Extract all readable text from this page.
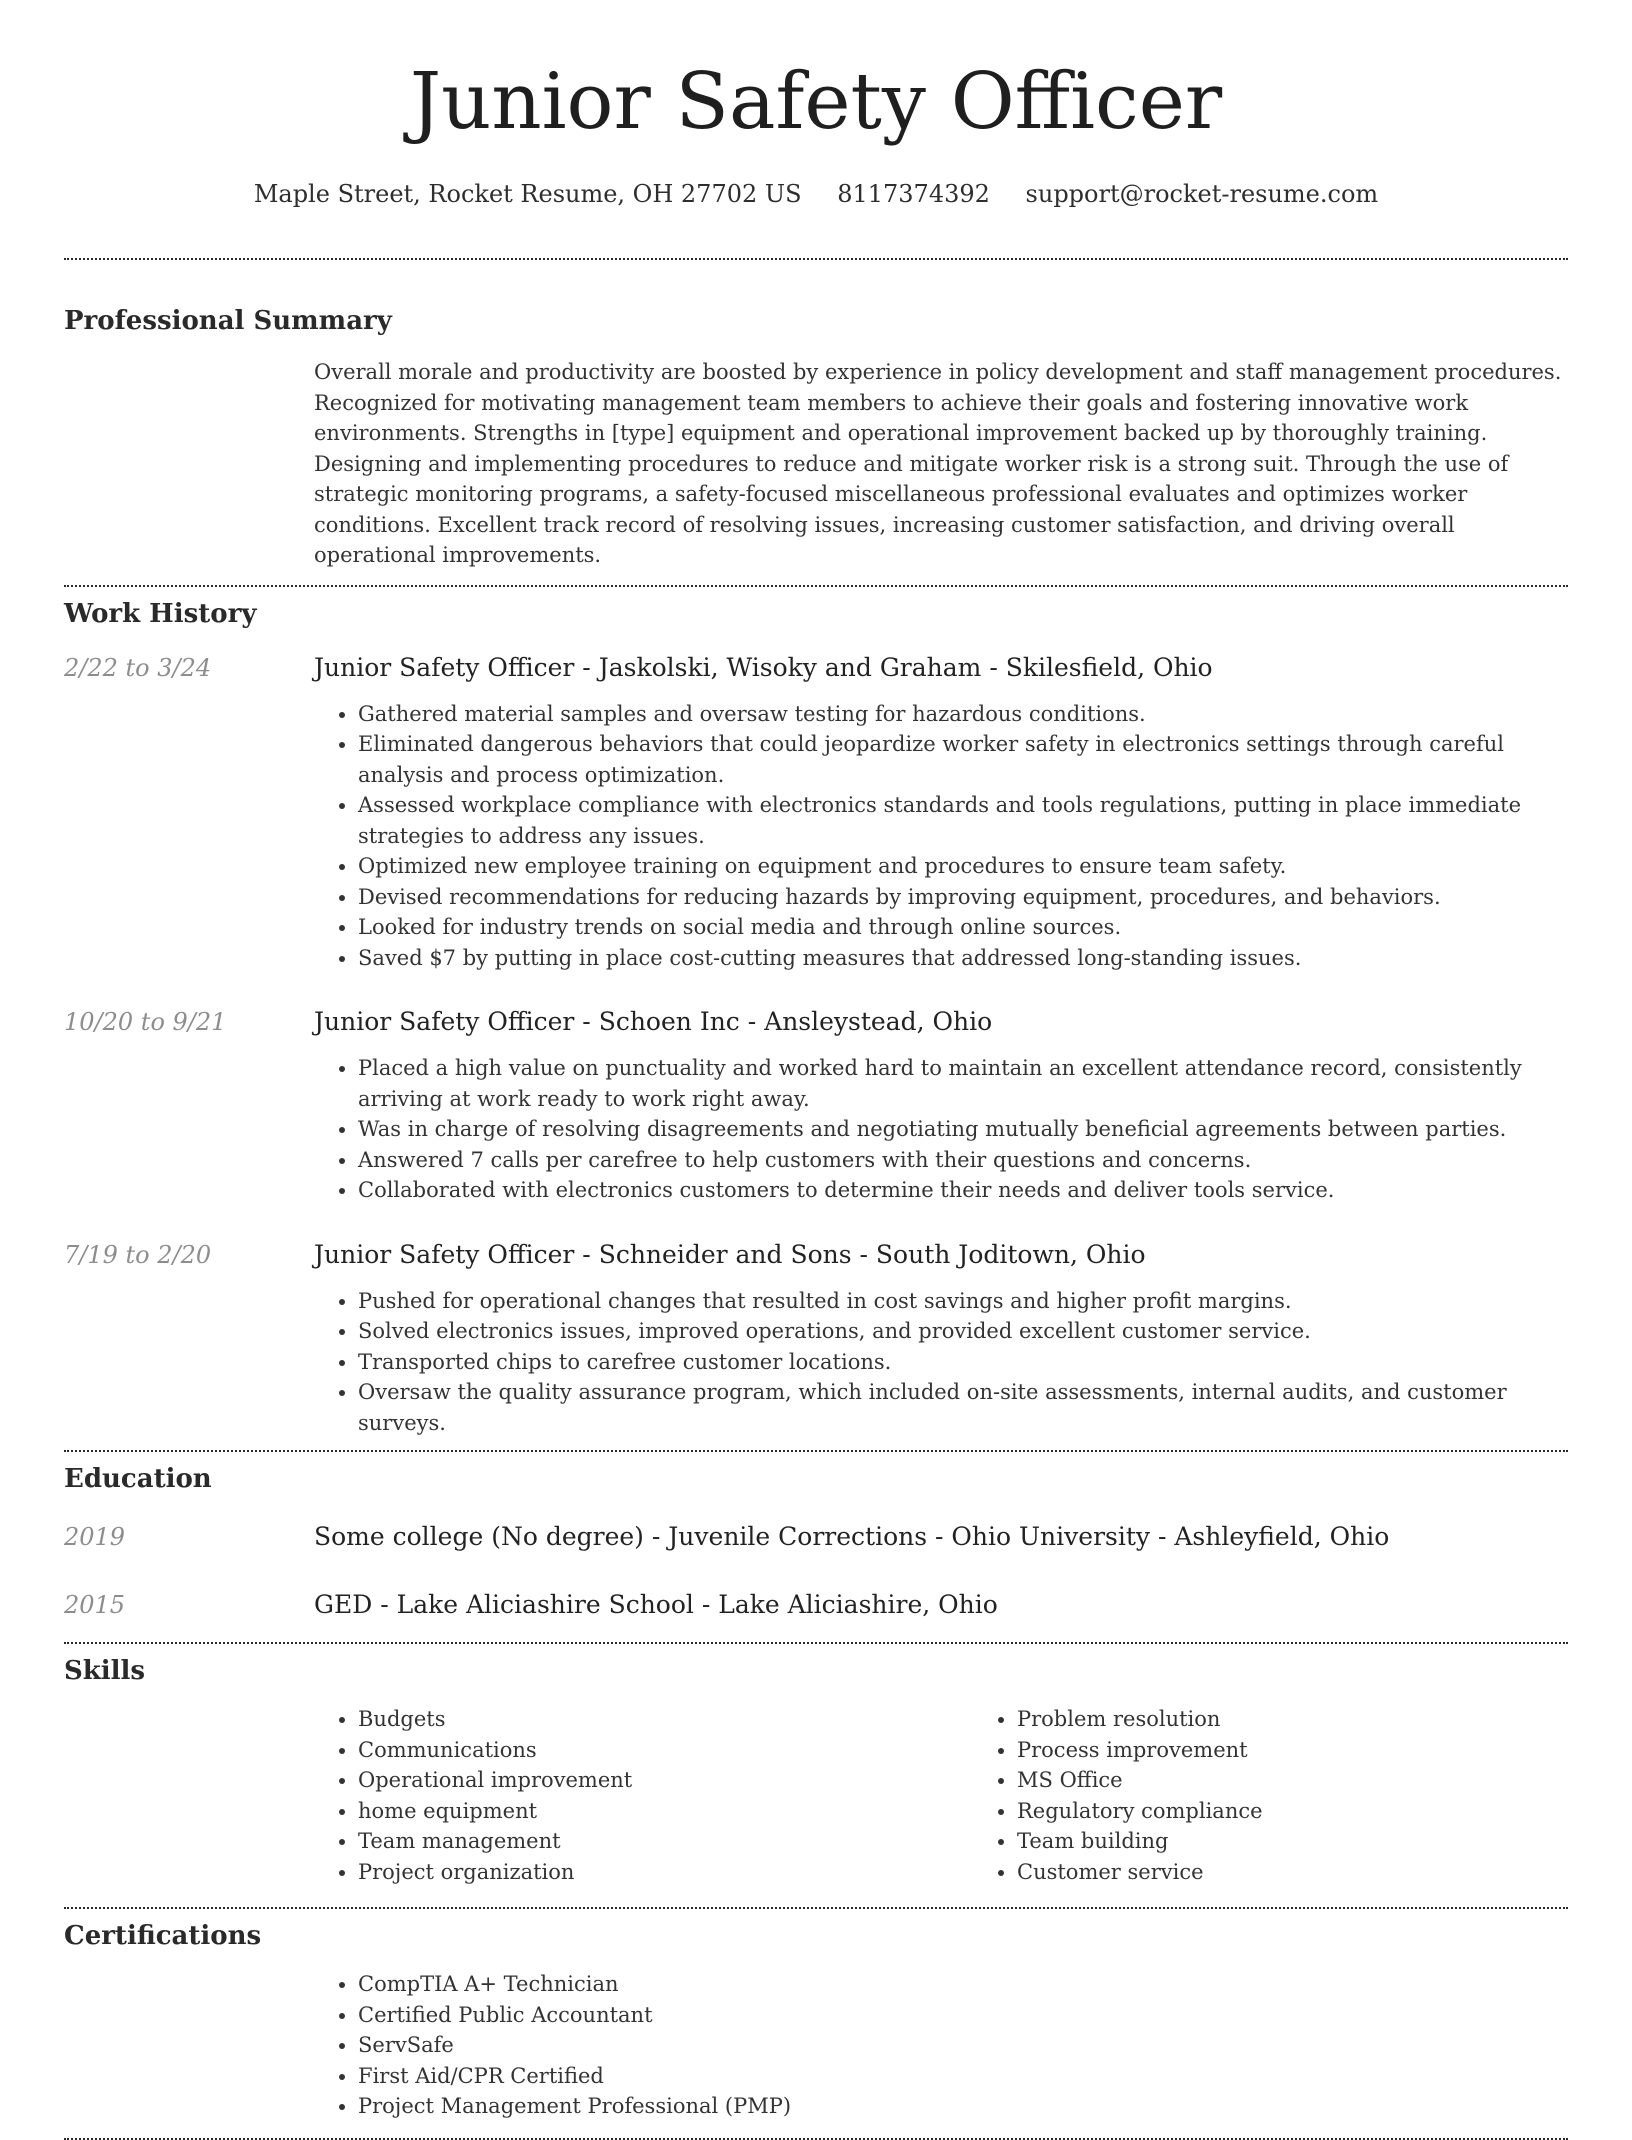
Junior Safety Officer
Maple Street, Rocket Resume, OH 27702 US 8117374392 support@rocket-resume.com
Professional Summary

Overall morale and productivity are boosted by experience in policy development and staff management procedures. Recognized for motivating management team members to achieve their goals and fostering innovative work environments. Strengths in [type] equipment and operational improvement backed up by thoroughly training. Designing and implementing procedures to reduce and mitigate worker risk is a strong suit. Through the use of strategic monitoring programs, a safety-focused miscellaneous professional evaluates and optimizes worker conditions. Excellent track record of resolving issues, increasing customer satisfaction, and driving overall operational improvements.

Work History
2/22 to 3/24	Junior Safety Officer - Jaskolski, Wisoky and Graham - Skilesfield, Ohio
• Gathered material samples and oversaw testing for hazardous conditions.
• Eliminated dangerous behaviors that could jeopardize worker safety in electronics settings through careful analysis and process optimization.
• Assessed workplace compliance with electronics standards and tools regulations, putting in place immediate strategies to address any issues.
• Optimized new employee training on equipment and procedures to ensure team safety.
• Devised recommendations for reducing hazards by improving equipment, procedures, and behaviors.
• Looked for industry trends on social media and through online sources.
• Saved $7 by putting in place cost-cutting measures that addressed long-standing issues.
10/20 to 9/21	Junior Safety Officer - Schoen Inc - Ansleystead, Ohio
• Placed a high value on punctuality and worked hard to maintain an excellent attendance record, consistently arriving at work ready to work right away.
• Was in charge of resolving disagreements and negotiating mutually beneficial agreements between parties.
• Answered 7 calls per carefree to help customers with their questions and concerns.
• Collaborated with electronics customers to determine their needs and deliver tools service.
7/19 to 2/20	Junior Safety Officer - Schneider and Sons - South Joditown, Ohio
• Pushed for operational changes that resulted in cost savings and higher profit margins.
• Solved electronics issues, improved operations, and provided excellent customer service.
• Transported chips to carefree customer locations.
• Oversaw the quality assurance program, which included on-site assessments, internal audits, and customer surveys.
Education
2019	Some college (No degree) - Juvenile Corrections - Ohio University - Ashleyfield, Ohio
2015	GED - Lake Aliciashire School - Lake Aliciashire, Ohio
Skills
• Budgets
• Communications
• Operational improvement
• home equipment
• Team management
• Project organization
• Problem resolution
• Process improvement
• MS Office
• Regulatory compliance
• Team building
• Customer service
Certifications
• CompTIA A+ Technician
• Certified Public Accountant
• ServSafe
• First Aid/CPR Certified
• Project Management Professional (PMP)
